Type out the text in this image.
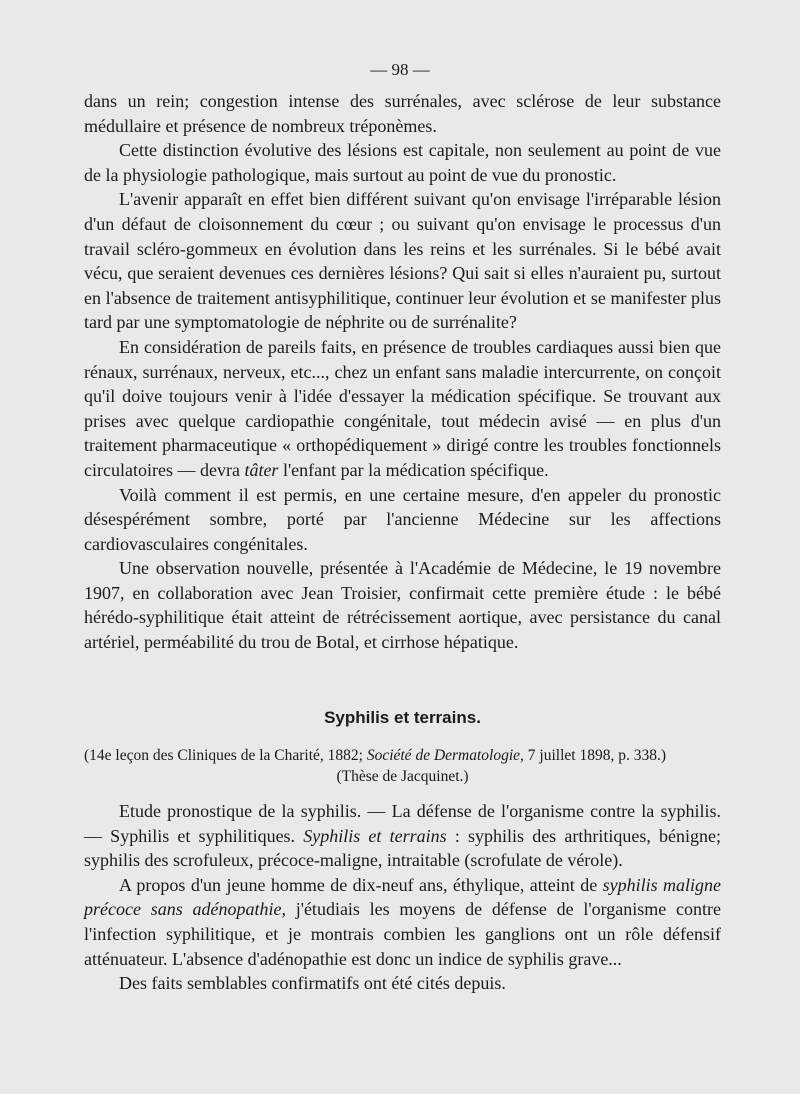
— 98 —

dans un rein; congestion intense des surrénales, avec sclérose de leur substance médullaire et présence de nombreux tréponèmes.

Cette distinction évolutive des lésions est capitale, non seulement au point de vue de la physiologie pathologique, mais surtout au point de vue du pronostic.

L'avenir apparaît en effet bien différent suivant qu'on envisage l'irréparable lésion d'un défaut de cloisonnement du cœur ; ou suivant qu'on envisage le processus d'un travail scléro-gommeux en évolution dans les reins et les surrénales. Si le bébé avait vécu, que seraient devenues ces dernières lésions? Qui sait si elles n'auraient pu, surtout en l'absence de traitement antisyphilitique, continuer leur évolution et se manifester plus tard par une symptomatologie de néphrite ou de surrénalite?

En considération de pareils faits, en présence de troubles cardiaques aussi bien que rénaux, surrénaux, nerveux, etc..., chez un enfant sans maladie intercurrente, on conçoit qu'il doive toujours venir à l'idée d'essayer la médication spécifique. Se trouvant aux prises avec quelque cardiopathie congénitale, tout médecin avisé — en plus d'un traitement pharmaceutique « orthopédiquement » dirigé contre les troubles fonctionnels circulatoires — devra tâter l'enfant par la médication spécifique.

Voilà comment il est permis, en une certaine mesure, d'en appeler du pronostic désespérément sombre, porté par l'ancienne Médecine sur les affections cardiovasculaires congénitales.

Une observation nouvelle, présentée à l'Académie de Médecine, le 19 novembre 1907, en collaboration avec Jean Troisier, confirmait cette première étude : le bébé hérédo-syphilitique était atteint de rétrécissement aortique, avec persistance du canal artériel, perméabilité du trou de Botal, et cirrhose hépatique.

Syphilis et terrains.
(14e leçon des Cliniques de la Charité, 1882; Société de Dermatologie, 7 juillet 1898, p. 338.)
(Thèse de Jacquinet.)

Etude pronostique de la syphilis. — La défense de l'organisme contre la syphilis. — Syphilis et syphilitiques. Syphilis et terrains : syphilis des arthritiques, bénigne; syphilis des scrofuleux, précoce-maligne, intraitable (scrofulate de vérole).

A propos d'un jeune homme de dix-neuf ans, éthylique, atteint de syphilis maligne précoce sans adénopathie, j'étudiais les moyens de défense de l'organisme contre l'infection syphilitique, et je montrais combien les ganglions ont un rôle défensif atténuateur. L'absence d'adénopathie est donc un indice de syphilis grave...

Des faits semblables confirmatifs ont été cités depuis.
